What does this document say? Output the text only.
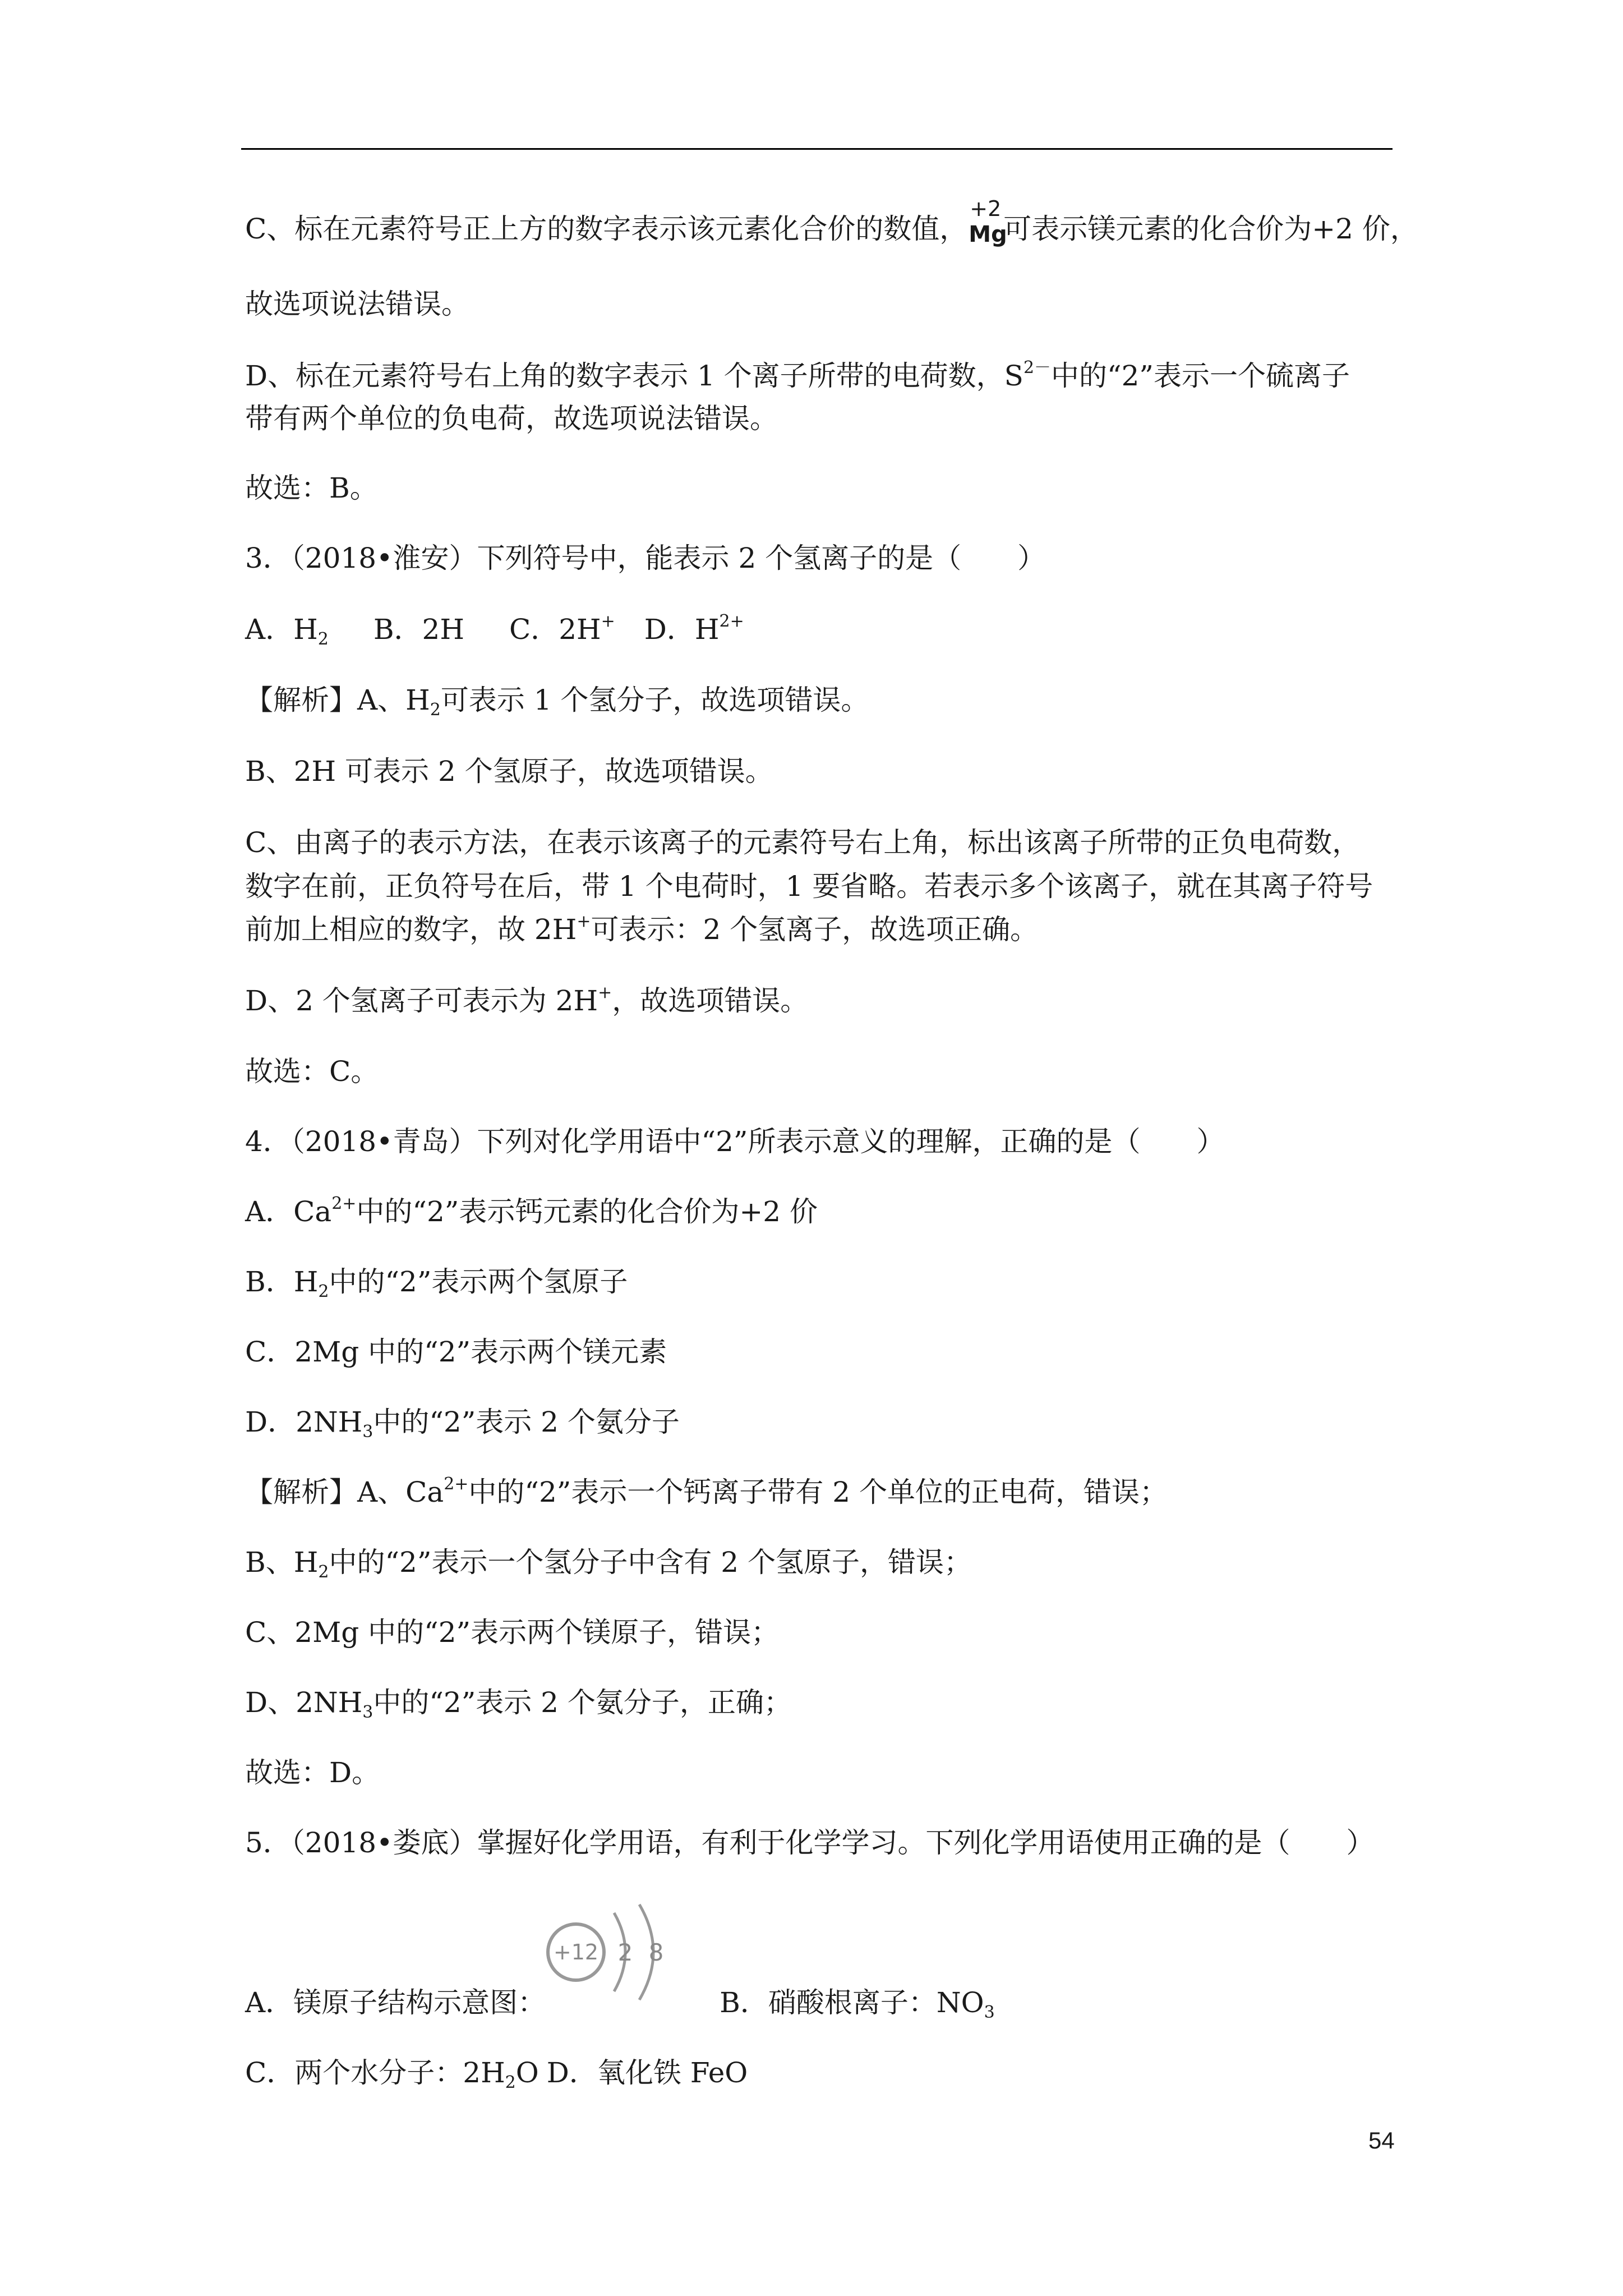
C、标在元素符号正上方的数字表示该元素化合价的数值，
+2
Mg
可表示镁元素的化合价为+2 价，
故选项说法错误。
D、标在元素符号右上角的数字表示 1 个离子所带的电荷数，$S^{2-}$中的“2”表示一个硫离子
带有两个单位的负电荷，故选项说法错误。
故选：B。
3．（2018•淮安）下列符号中，能表示 2 个氢离子的是（　　）
A．$H_2$ B．2H C．2H+ D．$H^{2+}$
【解析】A、$H_2$可表示 1 个氢分子，故选项错误。
B、2H 可表示 2 个氢原子，故选项错误。
C、由离子的表示方法，在表示该离子的元素符号右上角，标出该离子所带的正负电荷数，
数字在前，正负符号在后，带 1 个电荷时，1 要省略。若表示多个该离子，就在其离子符号
前加上相应的数字，故 2H+可表示：2 个氢离子，故选项正确。
D、2 个氢离子可表示为 2H+，故选项错误。
故选：C。
4．（2018•青岛）下列对化学用语中“2”所表示意义的理解，正确的是（　　）
A．$Ca^{2+}$中的“2”表示钙元素的化合价为+2 价
B．$H_2$中的“2”表示两个氢原子
C．2Mg 中的“2”表示两个镁元素
D．$2NH_3$中的“2”表示 2 个氨分子
【解析】A、$Ca^{2+}$中的“2”表示一个钙离子带有 2 个单位的正电荷，错误；
B、$H_2$中的“2”表示一个氢分子中含有 2 个氢原子，错误；
C、2Mg 中的“2”表示两个镁原子，错误；
D、$2NH_3$中的“2”表示 2 个氨分子，正确；
故选：D。
5．（2018•娄底）掌握好化学用语，有利于化学学习。下列化学用语使用正确的是（　　）
+12 2 8
A．镁原子结构示意图：	B．硝酸根离子：$NO_3$
C．两个水分子：$2H_2O$ D．氧化铁 FeO
54
